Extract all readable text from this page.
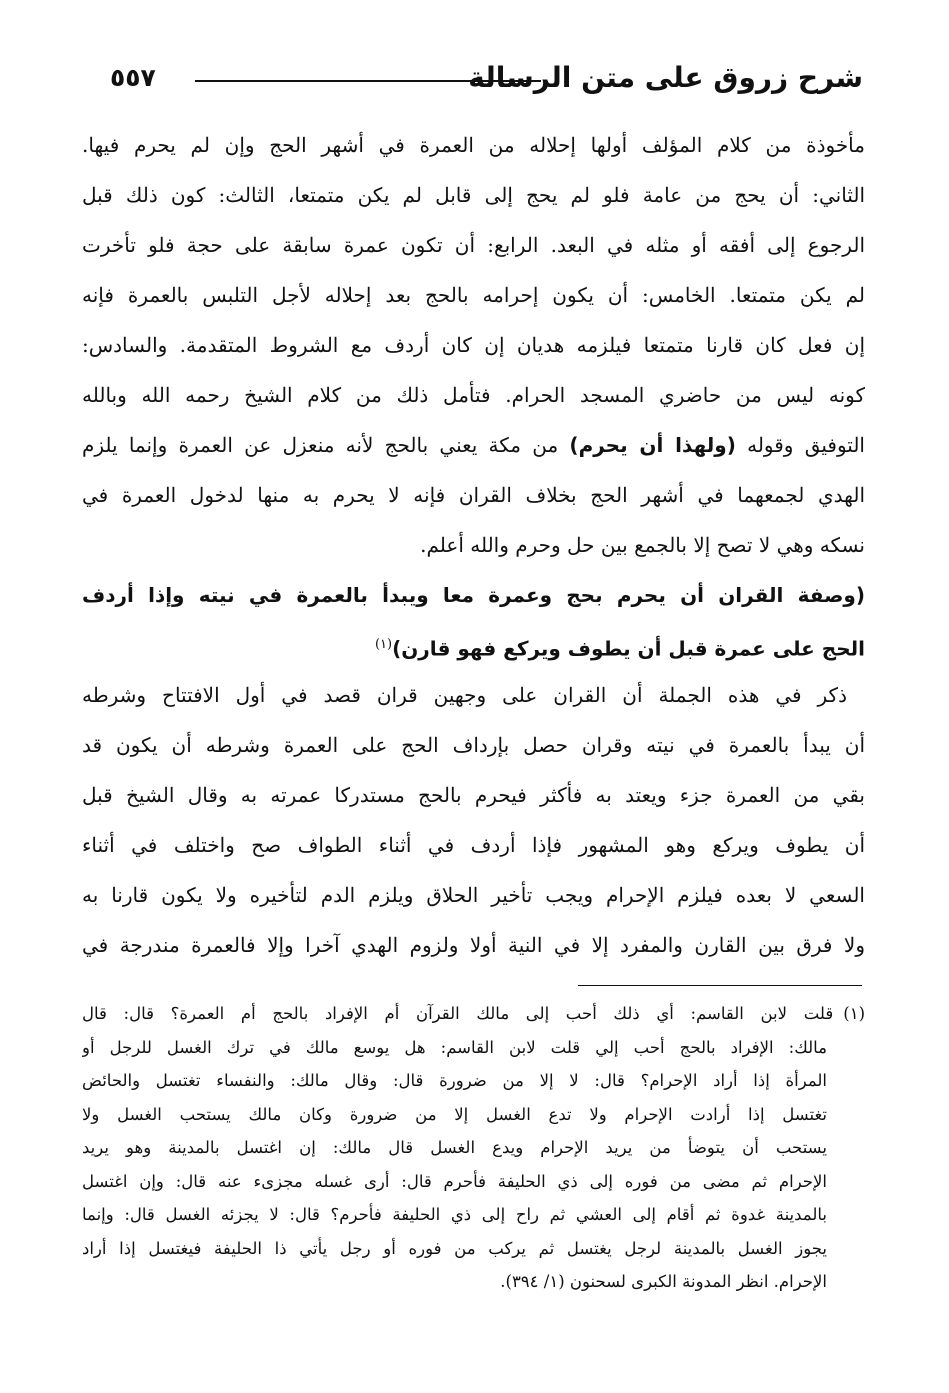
شرح زروق على متن الرسالة
٥٥٧
مأخوذة من كلام المؤلف أولها إحلاله من العمرة في أشهر الحج وإن لم يحرم فيها.
الثاني: أن يحج من عامة فلو لم يحج إلى قابل لم يكن متمتعا، الثالث: كون ذلك قبل
الرجوع إلى أفقه أو مثله في البعد. الرابع: أن تكون عمرة سابقة على حجة فلو تأخرت
لم يكن متمتعا. الخامس: أن يكون إحرامه بالحج بعد إحلاله لأجل التلبس بالعمرة فإنه
إن فعل كان قارنا متمتعا فيلزمه هديان إن كان أردف مع الشروط المتقدمة. والسادس:
كونه ليس من حاضري المسجد الحرام. فتأمل ذلك من كلام الشيخ رحمه الله وبالله
التوفيق وقوله (ولهذا أن يحرم) من مكة يعني بالحج لأنه منعزل عن العمرة وإنما يلزم
الهدي لجمعهما في أشهر الحج بخلاف القران فإنه لا يحرم به منها لدخول العمرة في
نسكه وهي لا تصح إلا بالجمع بين حل وحرم والله أعلم.
(وصفة القران أن يحرم بحج وعمرة معا ويبدأ بالعمرة في نيته وإذا أردف
الحج على عمرة قبل أن يطوف ويركع فهو قارن)$^{(١)}$
ذكر في هذه الجملة أن القران على وجهين قران قصد في أول الافتتاح وشرطه
أن يبدأ بالعمرة في نيته وقران حصل بإرداف الحج على العمرة وشرطه أن يكون قد
بقي من العمرة جزء ويعتد به فأكثر فيحرم بالحج مستدركا عمرته به وقال الشيخ قبل
أن يطوف ويركع وهو المشهور فإذا أردف في أثناء الطواف صح واختلف في أثناء
السعي لا بعده فيلزم الإحرام ويجب تأخير الحلاق ويلزم الدم لتأخيره ولا يكون قارنا به
ولا فرق بين القارن والمفرد إلا في النية أولا ولزوم الهدي آخرا وإلا فالعمرة مندرجة في
(١)قلت لابن القاسم: أي ذلك أحب إلى مالك القرآن أم الإفراد بالحج أم العمرة؟ قال: قال
مالك: الإفراد بالحج أحب إلي قلت لابن القاسم: هل يوسع مالك في ترك الغسل للرجل أو
المرأة إذا أراد الإحرام؟ قال: لا إلا من ضرورة قال: وقال مالك: والنفساء تغتسل والحائض
تغتسل إذا أرادت الإحرام ولا تدع الغسل إلا من ضرورة وكان مالك يستحب الغسل ولا
يستحب أن يتوضأ من يريد الإحرام ويدع الغسل قال مالك: إن اغتسل بالمدينة وهو يريد
الإحرام ثم مضى من فوره إلى ذي الحليفة فأحرم قال: أرى غسله مجزىء عنه قال: وإن اغتسل
بالمدينة غدوة ثم أقام إلى العشي ثم راح إلى ذي الحليفة فأحرم؟ قال: لا يجزئه الغسل قال: وإنما
يجوز الغسل بالمدينة لرجل يغتسل ثم يركب من فوره أو رجل يأتي ذا الحليفة فيغتسل إذا أراد
الإحرام. انظر المدونة الكبرى لسحنون (١/ ٣٩٤).
